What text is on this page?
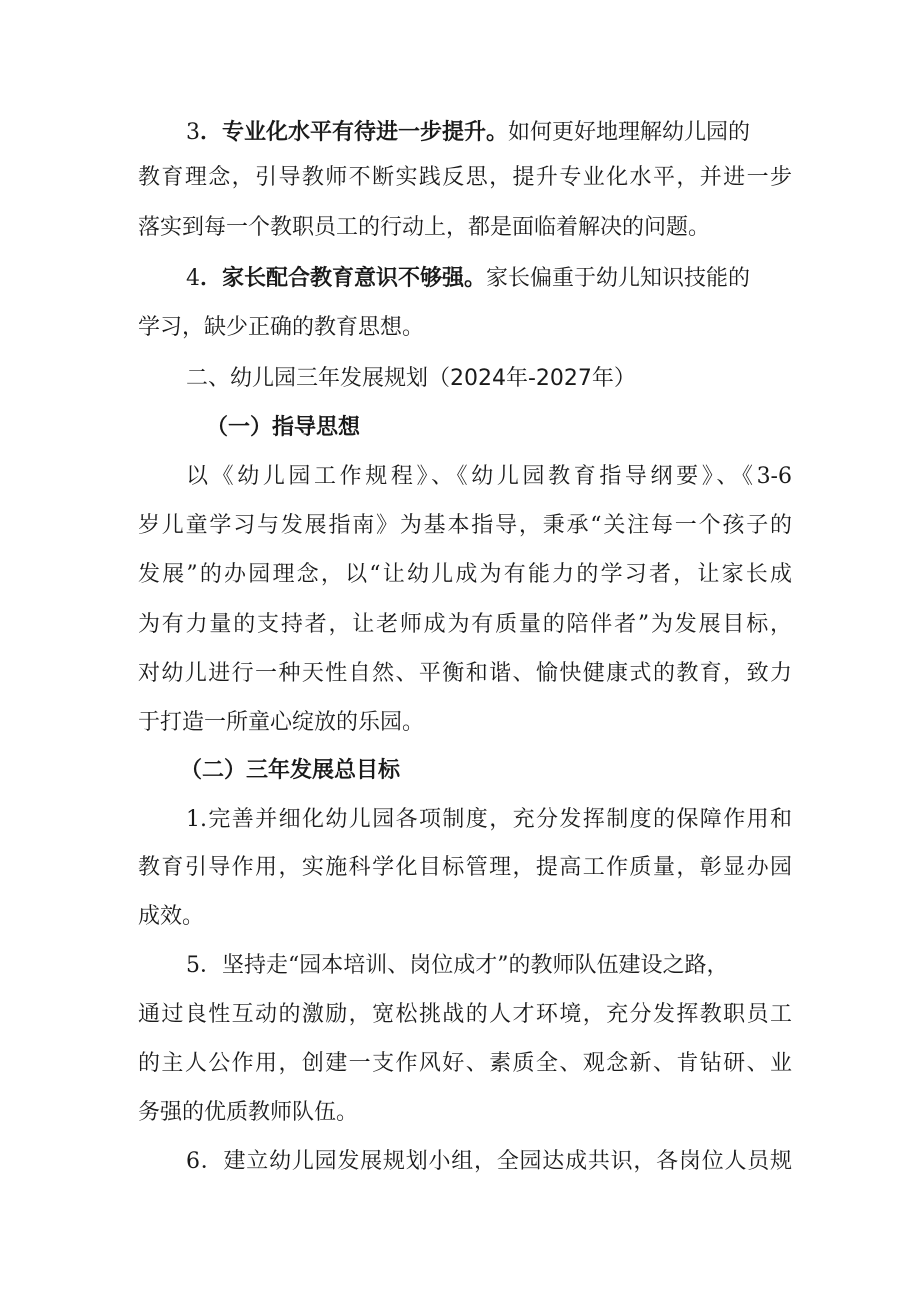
3．专业化水平有待进一步提升。如何更好地理解幼儿园的
教育理念，引导教师不断实践反思，提升专业化水平，并进一步
落实到每一个教职员工的行动上，都是面临着解决的问题。
4．家长配合教育意识不够强。家长偏重于幼儿知识技能的
学习，缺少正确的教育思想。
二、幼儿园三年发展规划（2024年-2027年）
（一）指导思想
以《幼儿园工作规程》、《幼儿园教育指导纲要》、《3-6
岁儿童学习与发展指南》为基本指导，秉承“关注每一个孩子的
发展”的办园理念，以“让幼儿成为有能力的学习者，让家长成
为有力量的支持者，让老师成为有质量的陪伴者”为发展目标，
对幼儿进行一种天性自然、平衡和谐、愉快健康式的教育，致力
于打造一所童心绽放的乐园。
（二）三年发展总目标
1.完善并细化幼儿园各项制度，充分发挥制度的保障作用和
教育引导作用，实施科学化目标管理，提高工作质量，彰显办园
成效。
5．坚持走“园本培训、岗位成才”的教师队伍建设之路，
通过良性互动的激励，宽松挑战的人才环境，充分发挥教职员工
的主人公作用，创建一支作风好、素质全、观念新、肯钻研、业
务强的优质教师队伍。
6．建立幼儿园发展规划小组，全园达成共识，各岗位人员规
